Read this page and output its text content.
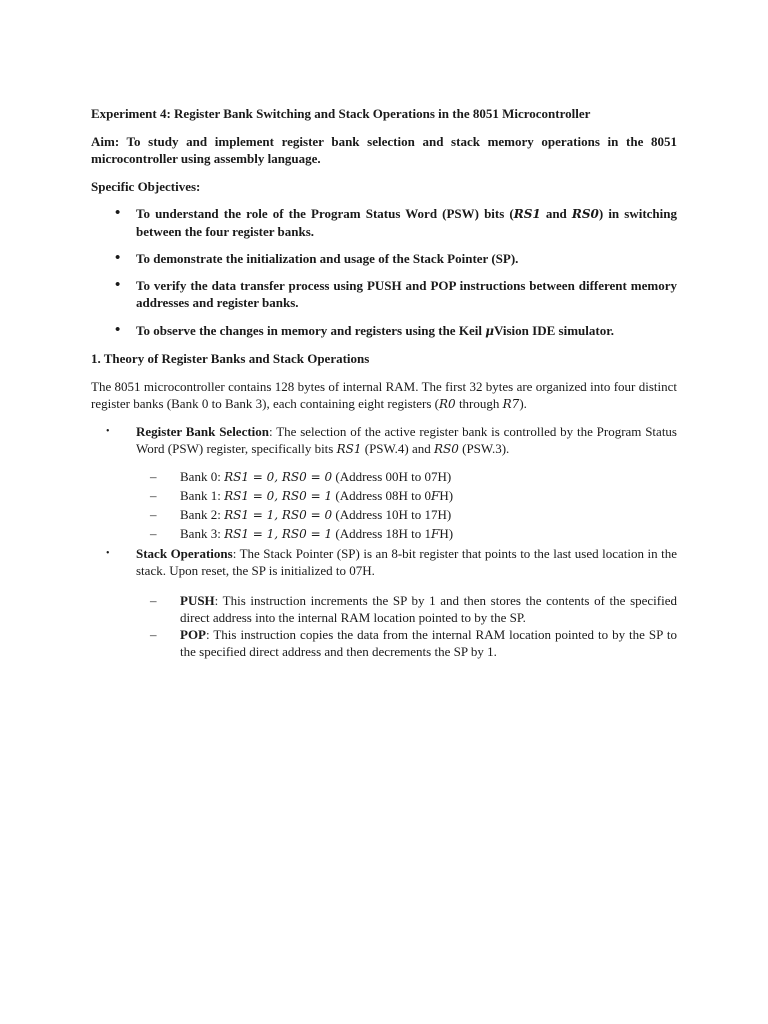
Experiment 4: Register Bank Switching and Stack Operations in the 8051 Microcontroller
Aim: To study and implement register bank selection and stack memory operations in the 8051 microcontroller using assembly language.
Specific Objectives:
• To understand the role of the Program Status Word (PSW) bits (RS1 and RS0) in switching between the four register banks.
• To demonstrate the initialization and usage of the Stack Pointer (SP).
• To verify the data transfer process using PUSH and POP instructions between different memory addresses and register banks.
• To observe the changes in memory and registers using the Keil μVision IDE simulator.
1. Theory of Register Banks and Stack Operations
The 8051 microcontroller contains 128 bytes of internal RAM. The first 32 bytes are organized into four distinct register banks (Bank 0 to Bank 3), each containing eight registers (R0 through R7).
• Register Bank Selection: The selection of the active register bank is controlled by the Program Status Word (PSW) register, specifically bits RS1 (PSW.4) and RS0 (PSW.3).
– Bank 0: RS1 = 0, RS0 = 0 (Address 00H to 07H)
– Bank 1: RS1 = 0, RS0 = 1 (Address 08H to 0FH)
– Bank 2: RS1 = 1, RS0 = 0 (Address 10H to 17H)
– Bank 3: RS1 = 1, RS0 = 1 (Address 18H to 1FH)
• Stack Operations: The Stack Pointer (SP) is an 8-bit register that points to the last used location in the stack. Upon reset, the SP is initialized to 07H.
– PUSH: This instruction increments the SP by 1 and then stores the contents of the specified direct address into the internal RAM location pointed to by the SP.
– POP: This instruction copies the data from the internal RAM location pointed to by the SP to the specified direct address and then decrements the SP by 1.
